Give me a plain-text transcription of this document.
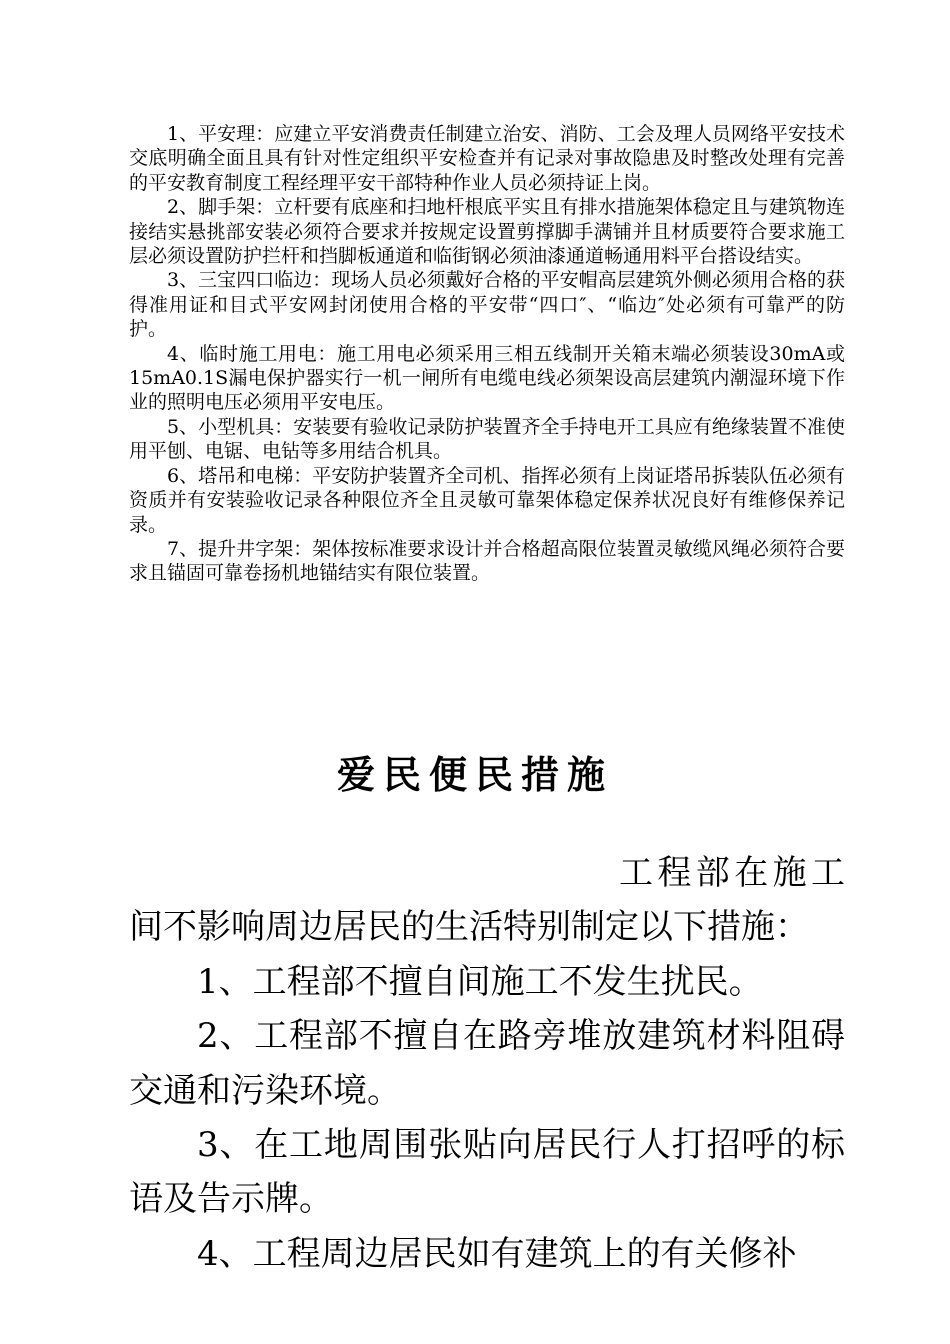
1、平安理：应建立平安消费责任制建立治安、消防、工会及理人员网络平安技术交底明确全面且具有针对性定组织平安检查并有记录对事故隐患及时整改处理有完善的平安教育制度工程经理平安干部特种作业人员必须持证上岗。

2、脚手架：立杆要有底座和扫地杆根底平实且有排水措施架体稳定且与建筑物连接结实悬挑部安装必须符合要求并按规定设置剪撑脚手满铺并且材质要符合要求施工层必须设置防护拦杆和挡脚板通道和临街钢必须油漆通道畅通用料平台搭设结实。

3、三宝四口临边：现场人员必须戴好合格的平安帽高层建筑外侧必须用合格的获得准用证和目式平安网封闭使用合格的平安带“四口″、“临边″处必须有可靠严的防护。

4、临时施工用电：施工用电必须采用三相五线制开关箱末端必须装设30mA或15mA0.1S漏电保护器实行一机一闸所有电缆电线必须架设高层建筑内潮湿环境下作业的照明电压必须用平安电压。

5、小型机具：安装要有验收记录防护装置齐全手持电开工具应有绝缘装置不准使用平刨、电锯、电钻等多用结合机具。

6、塔吊和电梯：平安防护装置齐全司机、指挥必须有上岗证塔吊拆装队伍必须有资质并有安装验收记录各种限位齐全且灵敏可靠架体稳定保养状况良好有维修保养记录。

7、提升井字架：架体按标准要求设计并合格超高限位装置灵敏缆风绳必须符合要求且锚固可靠卷扬机地锚结实有限位装置。

爱民便民措施

工程部在施工间不影响周边居民的生活特别制定以下措施：

1、工程部不擅自间施工不发生扰民。

2、工程部不擅自在路旁堆放建筑材料阻碍交通和污染环境。

3、在工地周围张贴向居民行人打招呼的标语及告示牌。

4、工程周边居民如有建筑上的有关修补
